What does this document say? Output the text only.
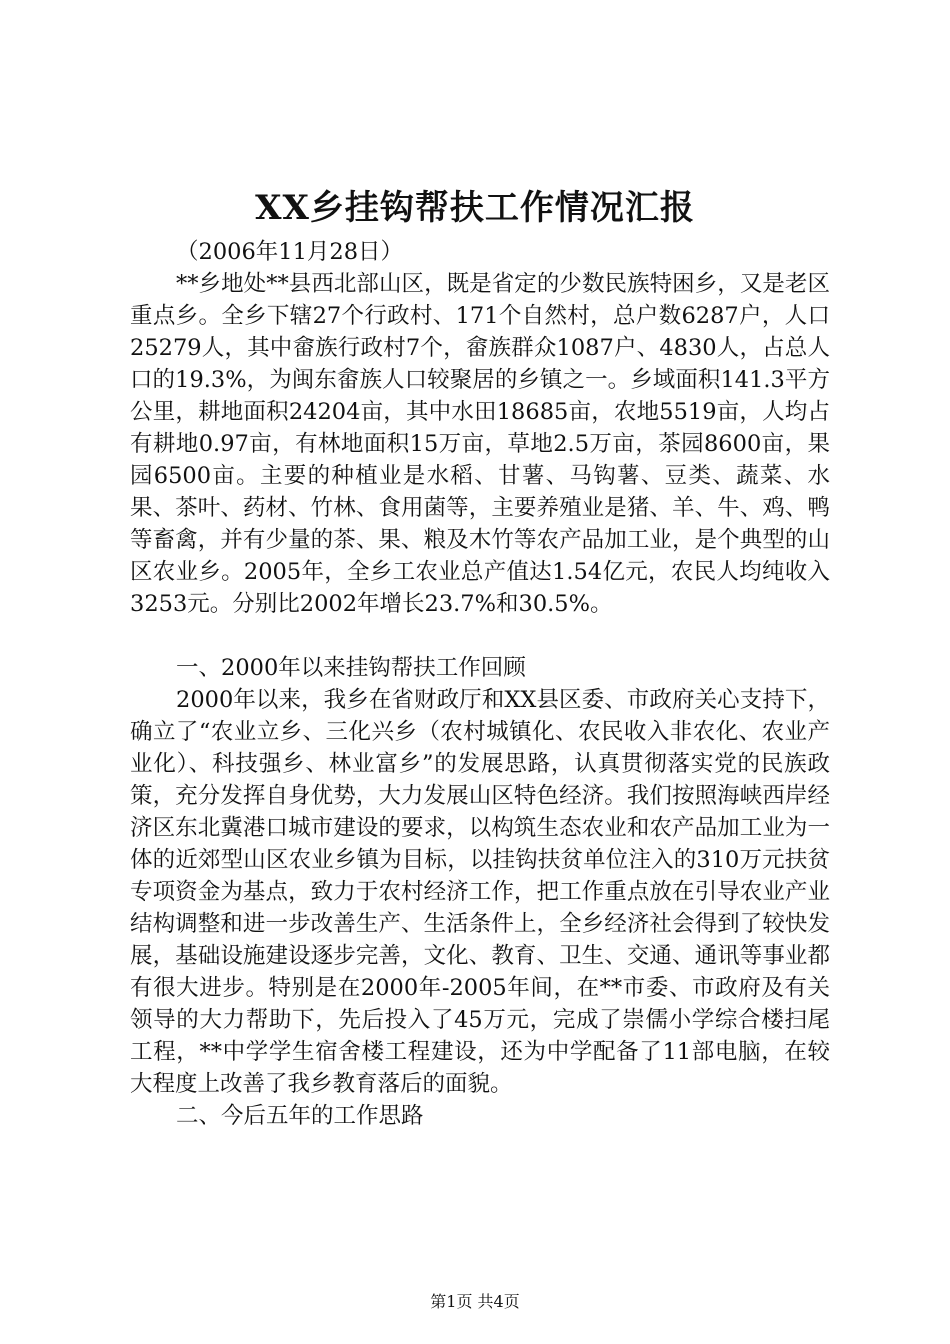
XX乡挂钩帮扶工作情况汇报

（2006年11月28日）

**乡地处**县西北部山区，既是省定的少数民族特困乡，又是老区重点乡。全乡下辖27个行政村、171个自然村，总户数6287户，人口25279人，其中畲族行政村7个，畲族群众1087户、4830人，占总人口的19.3%，为闽东畲族人口较聚居的乡镇之一。乡域面积141.3平方公里，耕地面积24204亩，其中水田18685亩，农地5519亩，人均占有耕地0.97亩，有林地面积15万亩，草地2.5万亩，茶园8600亩，果园6500亩。主要的种植业是水稻、甘薯、马钩薯、豆类、蔬菜、水果、茶叶、药材、竹林、食用菌等，主要养殖业是猪、羊、牛、鸡、鸭等畜禽，并有少量的茶、果、粮及木竹等农产品加工业，是个典型的山区农业乡。2005年，全乡工农业总产值达1.54亿元，农民人均纯收入3253元。分别比2002年增长23.7%和30.5%。

一、2000年以来挂钩帮扶工作回顾

2000年以来，我乡在省财政厅和XX县区委、市政府关心支持下，确立了“农业立乡、三化兴乡（农村城镇化、农民收入非农化、农业产业化）、科技强乡、林业富乡”的发展思路，认真贯彻落实党的民族政策，充分发挥自身优势，大力发展山区特色经济。我们按照海峡西岸经济区东北冀港口城市建设的要求，以构筑生态农业和农产品加工业为一体的近郊型山区农业乡镇为目标，以挂钩扶贫单位注入的310万元扶贫专项资金为基点，致力于农村经济工作，把工作重点放在引导农业产业结构调整和进一步改善生产、生活条件上，全乡经济社会得到了较快发展，基础设施建设逐步完善，文化、教育、卫生、交通、通讯等事业都有很大进步。特别是在2000年-2005年间，在**市委、市政府及有关领导的大力帮助下，先后投入了45万元，完成了崇儒小学综合楼扫尾工程，**中学学生宿舍楼工程建设，还为中学配备了11部电脑，在较大程度上改善了我乡教育落后的面貌。

二、今后五年的工作思路

第1页 共4页
